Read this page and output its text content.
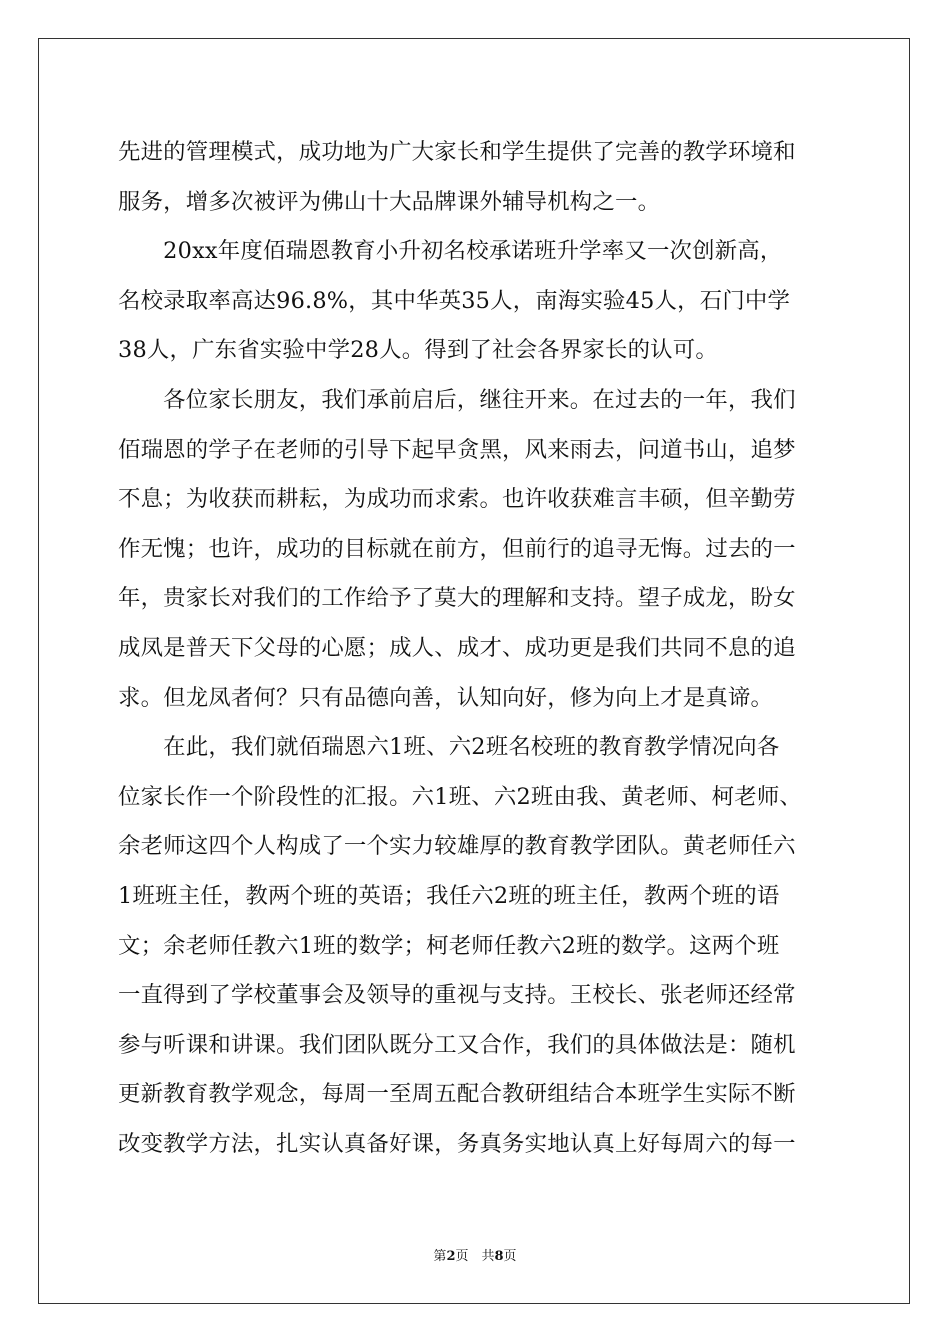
先进的管理模式，成功地为广大家长和学生提供了完善的教学环境和
服务，增多次被评为佛山十大品牌课外辅导机构之一。
　　20xx年度佰瑞恩教育小升初名校承诺班升学率又一次创新高，
名校录取率高达96.8%，其中华英35人，南海实验45人，石门中学
38人，广东省实验中学28人。得到了社会各界家长的认可。
　　各位家长朋友，我们承前启后，继往开来。在过去的一年，我们
佰瑞恩的学子在老师的引导下起早贪黑，风来雨去，问道书山，追梦
不息；为收获而耕耘，为成功而求索。也许收获难言丰硕，但辛勤劳
作无愧；也许，成功的目标就在前方，但前行的追寻无悔。过去的一
年，贵家长对我们的工作给予了莫大的理解和支持。望子成龙，盼女
成凤是普天下父母的心愿；成人、成才、成功更是我们共同不息的追
求。但龙凤者何？只有品德向善，认知向好，修为向上才是真谛。
　　在此，我们就佰瑞恩六1班、六2班名校班的教育教学情况向各
位家长作一个阶段性的汇报。六1班、六2班由我、黄老师、柯老师、
余老师这四个人构成了一个实力较雄厚的教育教学团队。黄老师任六
1班班主任，教两个班的英语；我任六2班的班主任，教两个班的语
文；余老师任教六1班的数学；柯老师任教六2班的数学。这两个班
一直得到了学校董事会及领导的重视与支持。王校长、张老师还经常
参与听课和讲课。我们团队既分工又合作，我们的具体做法是：随机
更新教育教学观念，每周一至周五配合教研组结合本班学生实际不断
改变教学方法，扎实认真备好课，务真务实地认真上好每周六的每一
第2页　共8页
